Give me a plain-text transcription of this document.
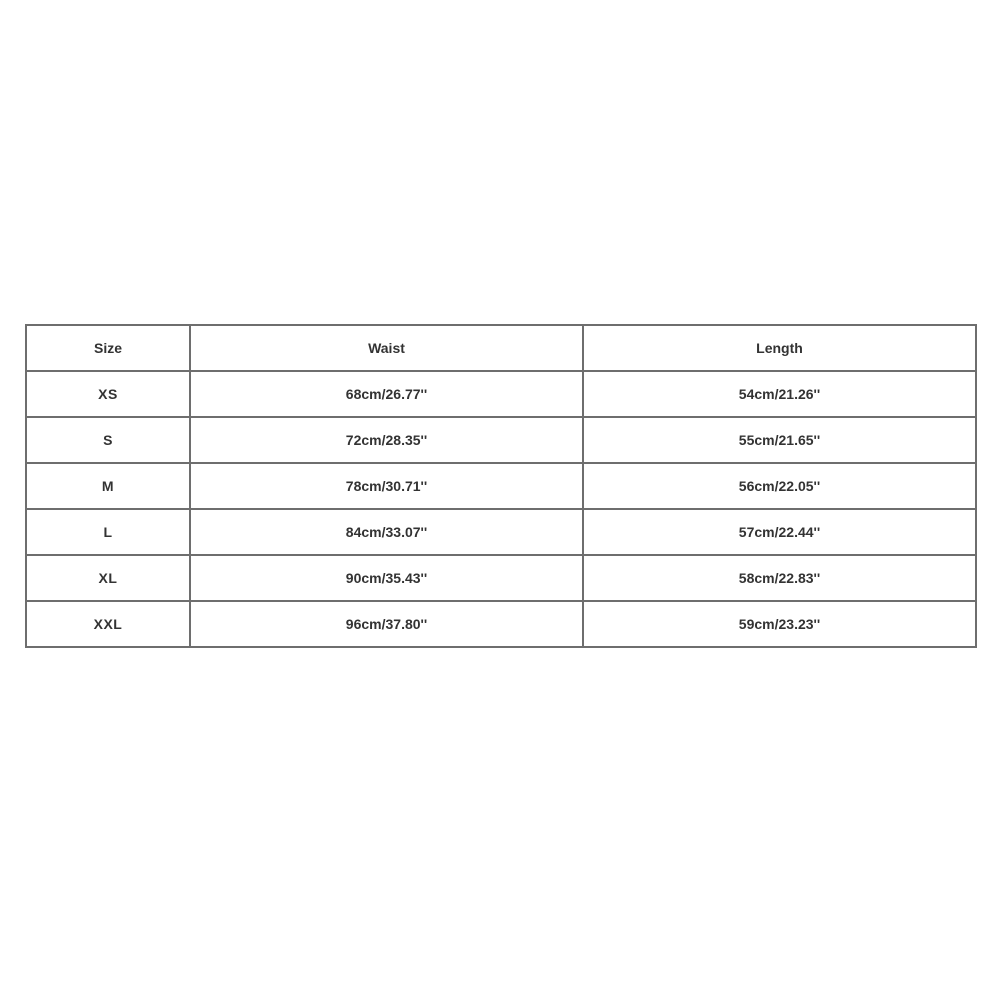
Size	Waist	Length
XS	68cm/26.77''	54cm/21.26''
S	72cm/28.35''	55cm/21.65''
M	78cm/30.71''	56cm/22.05''
L	84cm/33.07''	57cm/22.44''
XL	90cm/35.43''	58cm/22.83''
XXL	96cm/37.80''	59cm/23.23''
